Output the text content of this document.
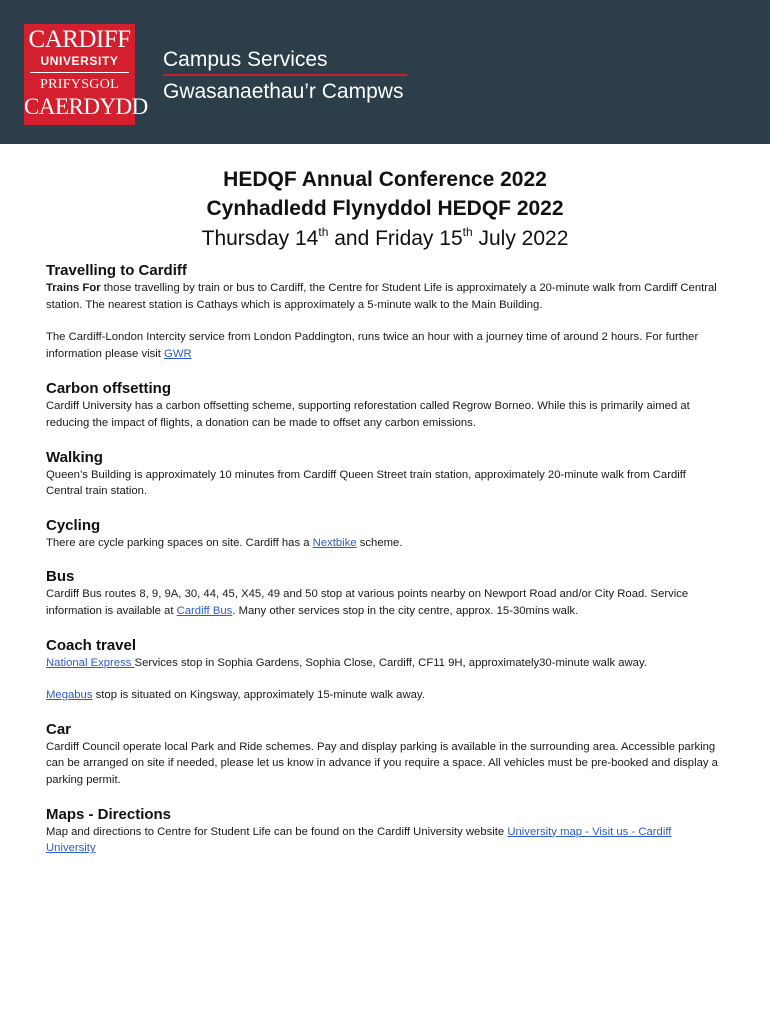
CARDIFF
UNIVERSITY
PRIFYSGOL
CAERDYDD
Campus Services
Gwasanaethau’r Campws
HEDQF Annual Conference 2022
Cynhadledd Flynyddol HEDQF 2022
Thursday 14th and Friday 15th July 2022
Travelling to Cardiff

Trains For those travelling by train or bus to Cardiff, the Centre for Student Life is approximately a 20-minute walk from Cardiff Central station. The nearest station is Cathays which is approximately a 5-minute walk to the Main Building.

The Cardiff-London Intercity service from London Paddington, runs twice an hour with a journey time of around 2 hours. For further information please visit GWR

Carbon offsetting

Cardiff University has a carbon offsetting scheme, supporting reforestation called Regrow Borneo. While this is primarily aimed at reducing the impact of flights, a donation can be made to offset any carbon emissions.

Walking

Queen’s Building is approximately 10 minutes from Cardiff Queen Street train station, approximately 20-minute walk from Cardiff Central train station.

Cycling

There are cycle parking spaces on site. Cardiff has a Nextbike scheme.

Bus

Cardiff Bus routes 8, 9, 9A, 30, 44, 45, X45, 49 and 50 stop at various points nearby on Newport Road and/or City Road. Service information is available at Cardiff Bus. Many other services stop in the city centre, approx. 15-30mins walk.

Coach travel

National Express Services stop in Sophia Gardens, Sophia Close, Cardiff, CF11 9H, approximately30-minute walk away.

Megabus stop is situated on Kingsway, approximately 15-minute walk away.

Car

Cardiff Council operate local Park and Ride schemes. Pay and display parking is available in the surrounding area. Accessible parking can be arranged on site if needed, please let us know in advance if you require a space. All vehicles must be pre-booked and display a parking permit.

Maps - Directions

Map and directions to Centre for Student Life can be found on the Cardiff University website University map - Visit us - Cardiff University
